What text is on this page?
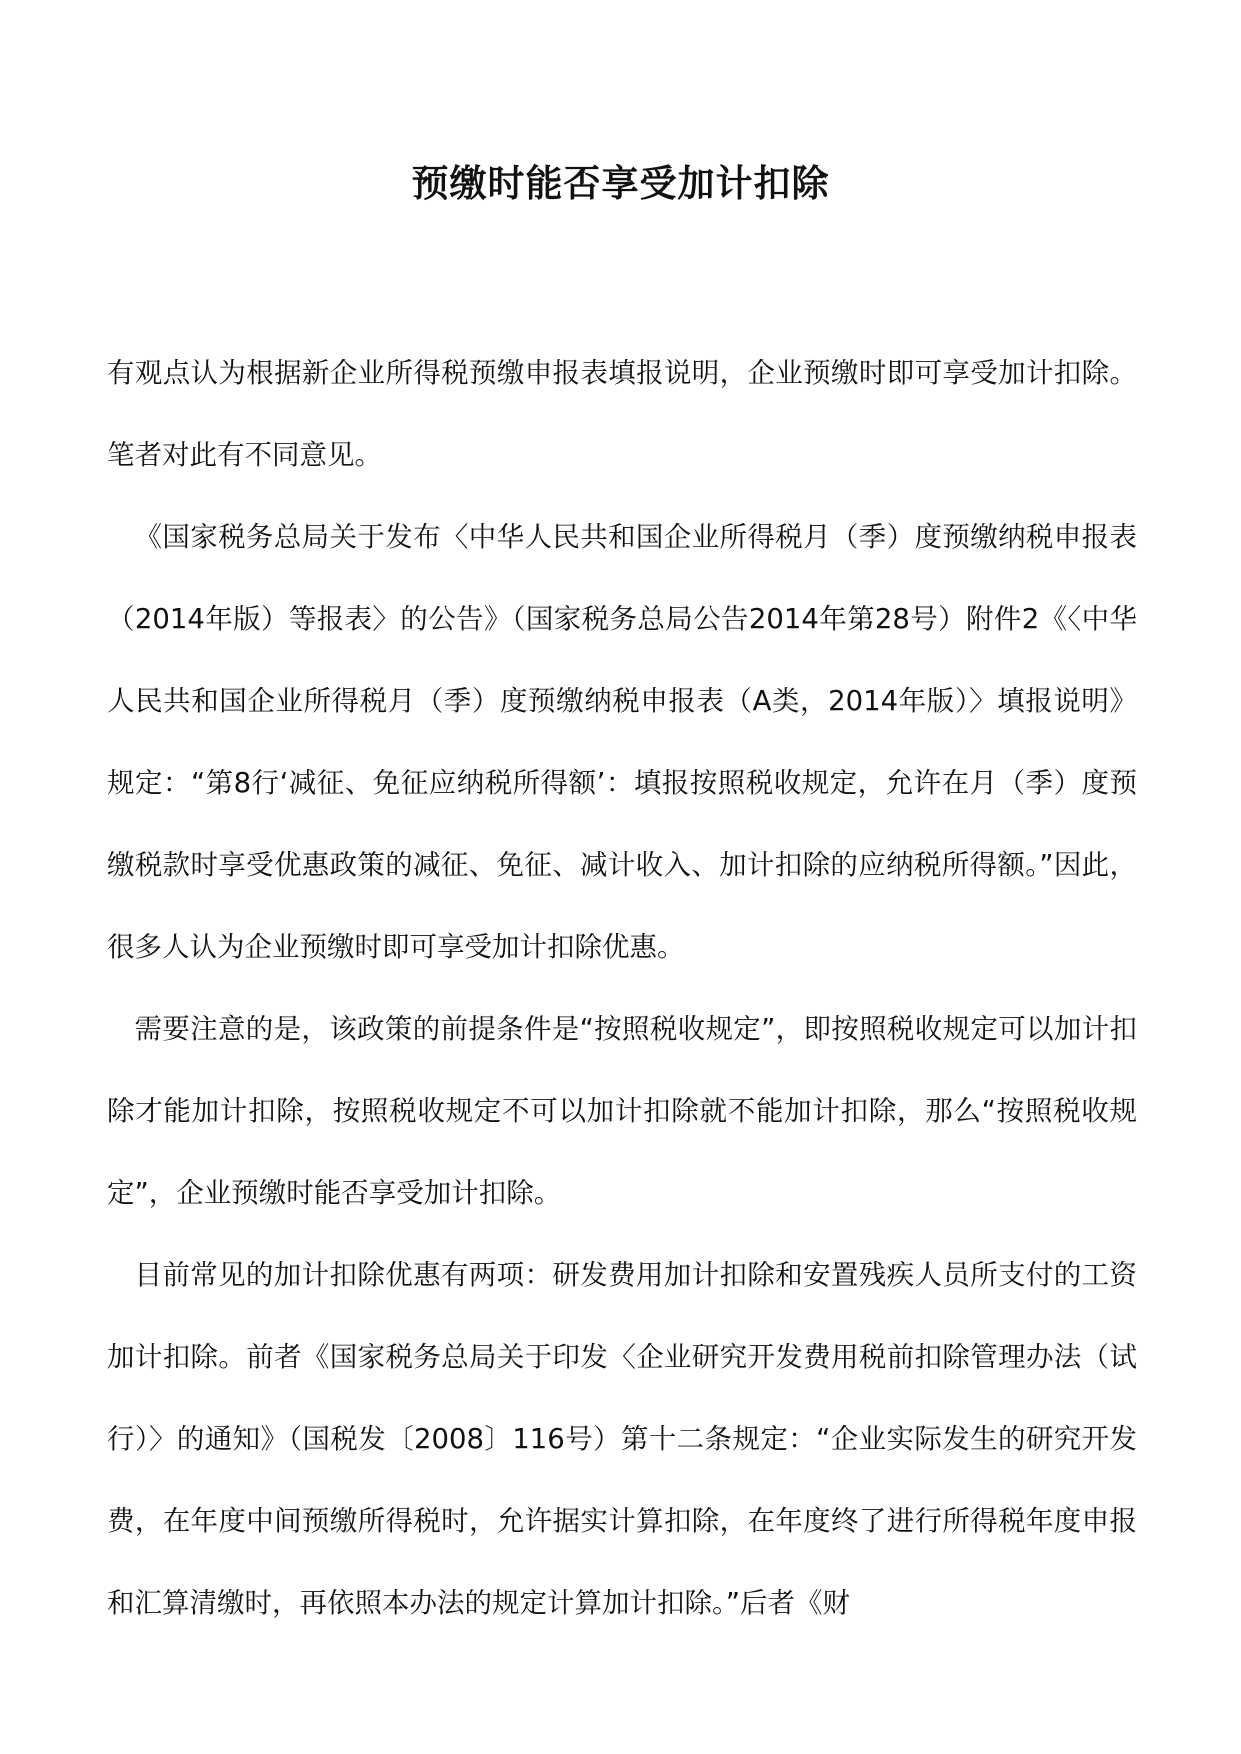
预缴时能否享受加计扣除

有观点认为根据新企业所得税预缴申报表填报说明，企业预缴时即可享受加计扣除。笔者对此有不同意见。

《国家税务总局关于发布〈中华人民共和国企业所得税月（季）度预缴纳税申报表（2014年版）等报表〉的公告》（国家税务总局公告2014年第28号）附件2《〈中华人民共和国企业所得税月（季）度预缴纳税申报表（A类，2014年版）〉填报说明》规定：“第8行‘减征、免征应纳税所得额’：填报按照税收规定，允许在月（季）度预缴税款时享受优惠政策的减征、免征、减计收入、加计扣除的应纳税所得额。”因此，很多人认为企业预缴时即可享受加计扣除优惠。

需要注意的是，该政策的前提条件是“按照税收规定”，即按照税收规定可以加计扣除才能加计扣除，按照税收规定不可以加计扣除就不能加计扣除，那么“按照税收规定”，企业预缴时能否享受加计扣除。

目前常见的加计扣除优惠有两项：研发费用加计扣除和安置残疾人员所支付的工资加计扣除。前者《国家税务总局关于印发〈企业研究开发费用税前扣除管理办法（试行）〉的通知》（国税发〔2008〕116号）第十二条规定：“企业实际发生的研究开发费，在年度中间预缴所得税时，允许据实计算扣除，在年度终了进行所得税年度申报和汇算清缴时，再依照本办法的规定计算加计扣除。”后者《财
